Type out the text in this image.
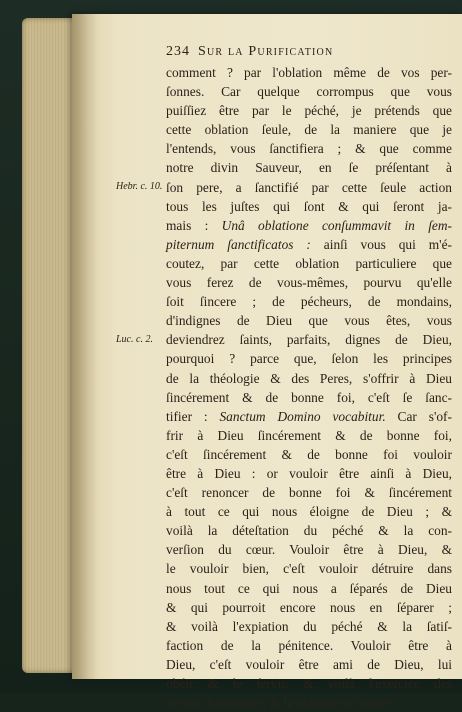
234 Sur la Purification
comment ? par l'oblation même de vos per-
ſonnes. Car quelque corrompus que vous
puiſſiez être par le péché, je prétends que
cette oblation ſeule, de la maniere que je
l'entends, vous ſanctifiera ; & que comme
notre divin Sauveur, en ſe préſentant à
ſon pere, a ſanctifié par cette ſeule action
tous les juſtes qui ſont & qui ſeront ja-
mais : Unâ oblatione conſummavit in ſem-
piternum ſanctificatos : ainſi vous qui m'é-
coutez, par cette oblation particuliere que
vous ferez de vous-mêmes, pourvu qu'elle
ſoit ſincere ; de pécheurs, de mondains,
d'indignes de Dieu que vous êtes, vous
deviendrez ſaints, parfaits, dignes de Dieu,
pourquoi ? parce que, ſelon les principes
de la théologie & des Peres, s'offrir à Dieu
ſincérement & de bonne foi, c'eſt ſe ſanc-
tifier : Sanctum Domino vocabitur. Car s'of-
frir à Dieu ſincérement & de bonne foi,
c'eſt ſincérement & de bonne foi vouloir
être à Dieu : or vouloir être ainſi à Dieu,
c'eſt renoncer de bonne foi & ſincérement
à tout ce qui nous éloigne de Dieu ; &
voilà la déteſtation du péché & la con-
verſion du cœur. Vouloir être à Dieu, &
le vouloir bien, c'eſt vouloir détruire dans
nous tout ce qui nous a ſéparés de Dieu
& qui pourroit encore nous en ſéparer ;
& voilà l'expiation du péché & la ſatiſ-
faction de la pénitence. Vouloir être à
Dieu, c'eſt vouloir être ami de Dieu, lui
obéir & le ſervir, & voilà l'exercice des
vertus chrétiennes, & la pratique de toutes
Hebr. c. 10.
Luc. c. 2.
